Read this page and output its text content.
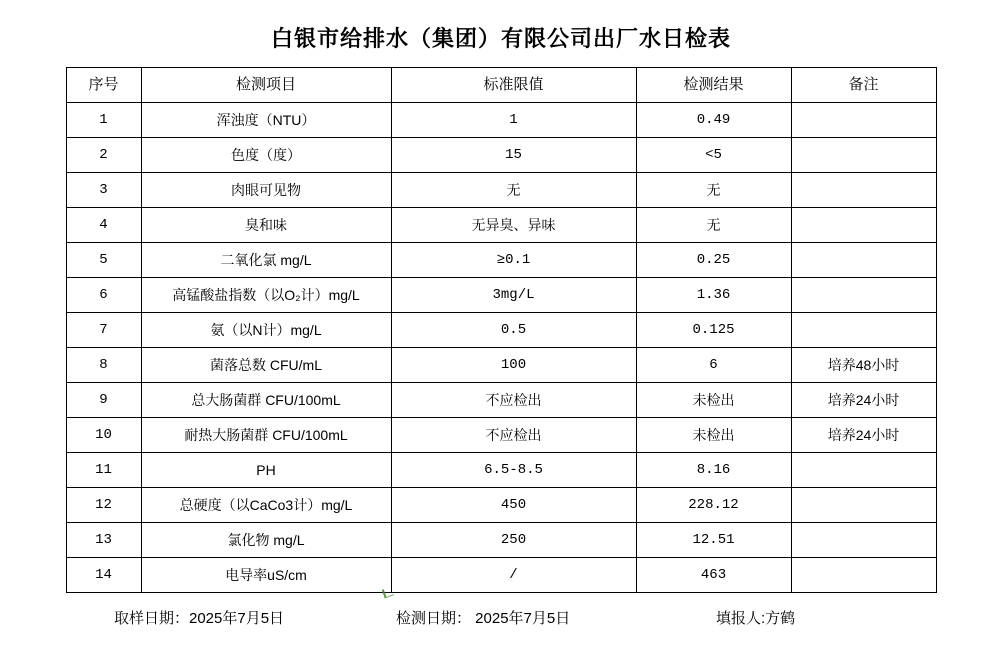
白银市给排水（集团）有限公司出厂水日检表
序号	检测项目	标准限值	检测结果	备注
1	浑浊度（NTU）	1	0.49	
2	色度（度）	15	<5	
3	肉眼可见物	无	无	
4	臭和味	无异臭、异味	无	
5	二氧化氯 mg/L	≥0.1	0.25	
6	高锰酸盐指数（以O₂计）mg/L	3mg/L	1.36	
7	氨（以N计）mg/L	0.5	0.125	
8	菌落总数 CFU/mL	100	6	培养48小时
9	总大肠菌群 CFU/100mL	不应检出	未检出	培养24小时
10	耐热大肠菌群 CFU/100mL	不应检出	未检出	培养24小时
11	PH	6.5-8.5	8.16	
12	总硬度（以CaCo3计）mg/L	450	228.12	
13	氯化物 mg/L	250	12.51	
14	电导率uS/cm	/	463	
取样日期：2025年7月5日	检测日期： 2025年7月5日	填报人:方鹤
